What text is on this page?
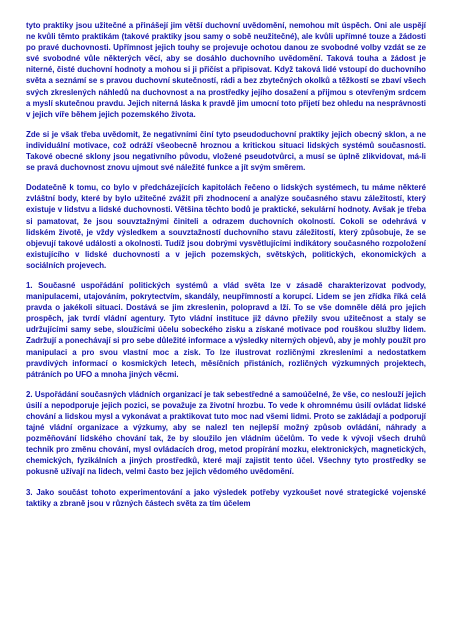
tyto praktiky jsou užitečné a přinášejí jim větší duchovní uvědomění, nemohou mít úspěch. Oni ale uspějí ne kvůli těmto praktikám (takové praktiky jsou samy o sobě neužitečné), ale kvůli upřímné touze a žádosti po pravé duchovnosti. Upřímnost jejich touhy se projevuje ochotou danou ze svobodné volby vzdát se ze své svobodné vůle některých věcí, aby se dosáhlo duchovního uvědomění. Taková touha a žádost je niterné, čisté duchovní hodnoty a mohou si ji přičíst a připisovat. Když taková lidé vstoupí do duchovního světa a seznámí se s pravou duchovní skutečností, rádi a bez zbytečných okolků a těžkostí se zbaví všech svých zkreslených náhledů na duchovnost a na prostředky jejího dosažení a přijmou s otevřeným srdcem a myslí skutečnou pravdu. Jejich niterná láska k pravdě jim umocní toto přijetí bez ohledu na nesprávnosti v jejich víře během jejich pozemského života.

Zde si je však třeba uvědomit, že negativními činí tyto pseudoduchovní praktiky jejich obecný sklon, a ne individuální motivace, což odráží všeobecně hroznou a kritickou situaci lidských systémů současnosti. Takové obecné sklony jsou negativního původu, vložené pseudotvůrci, a musí se úplně zlikvidovat, má-li se pravá duchovnost znovu ujmout své náležité funkce a jít svým směrem.

Dodatečně k tomu, co bylo v předcházejících kapitolách řečeno o lidských systémech, tu máme některé zvláštní body, které by bylo užitečné zvážit při zhodnocení a analýze současného stavu záležitostí, který existuje v lidstvu a lidské duchovnosti. Většina těchto bodů je praktické, sekulární hodnoty. Avšak je třeba si pamatovat, že jsou souvztažnými činiteli a odrazem duchovních okolností. Cokoli se odehrává v lidském životě, je vždy výsledkem a souvztažností duchovního stavu záležitostí, který způsobuje, že se objevují takové události a okolnosti. Tudíž jsou dobrými vysvětlujícími indikátory současného rozpoložení existujícího v lidské duchovnosti a v jejich pozemských, světských, politických, ekonomických a sociálních projevech.

1. Současné uspořádání politických systémů a vlád světa lze v zásadě charakterizovat podvody, manipulacemi, utajováním, pokrytectvím, skandály, neupřímností a korupcí. Lidem se jen zřídka říká celá pravda o jakékoli situaci. Dostává se jim zkreslenin, polopravd a lží. To se vše domněle dělá pro jejich prospěch, jak tvrdí vládní agentury. Tyto vládní instituce již dávno přežily svou užitečnost a staly se udržujícími samy sebe, sloužícími účelu sobeckého zisku a získané motivace pod rouškou služby lidem. Zadržují a ponechávají si pro sebe důležité informace a výsledky niterných objevů, aby je mohly použít pro manipulaci a pro svou vlastní moc a zisk. To lze ilustrovat rozličnými zkresleními a nedostatkem pravdivých informací o kosmických letech, měsíčních přistáních, rozličných výzkumných projektech, pátráních po UFO a mnoha jiných věcmi.

2. Uspořádání současných vládních organizací je tak sebestředné a samoúčelné, že vše, co neslouží jejich úsilí a nepodporuje jejich pozici, se považuje za životní hrozbu. To vede k ohromnému úsilí ovládat lidské chování a lidskou mysl a vykonávat a praktikovat tuto moc nad všemi lidmi. Proto se zakládají a podporují tajné vládní organizace a výzkumy, aby se nalezl ten nejlepší možný způsob ovládání, náhrady a pozměňování lidského chování tak, že by sloužilo jen vládním účelům. To vede k vývoji všech druhů technik pro změnu chování, mysl ovládacích drog, metod propírání mozku, elektronických, magnetických, chemických, fyzikálních a jiných prostředků, které mají zajistit tento účel. Všechny tyto prostředky se pokusně užívají na lidech, velmi často bez jejich vědomého uvědomění.

3. Jako součást tohoto experimentování a jako výsledek potřeby vyzkoušet nové strategické vojenské taktiky a zbraně jsou v různých částech světa za tím účelem
